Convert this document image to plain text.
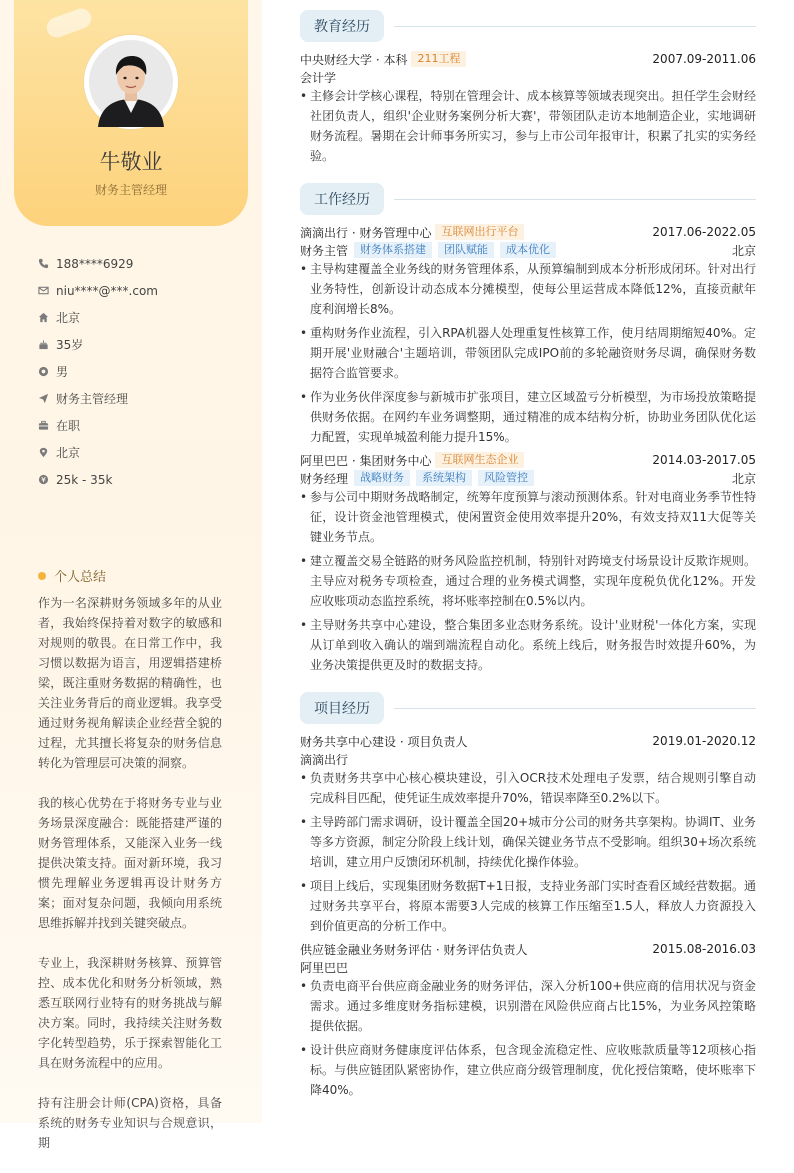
牛敬业
财务主管经理
188****6929
niu****@***.com
北京
35岁
男
财务主管经理
在职
北京
25k - 35k
个人总结

作为一名深耕财务领域多年的从业者，我始终保持着对数字的敏感和对规则的敬畏。在日常工作中，我习惯以数据为语言，用逻辑搭建桥梁，既注重财务数据的精确性，也关注业务背后的商业逻辑。我享受通过财务视角解读企业经营全貌的过程，尤其擅长将复杂的财务信息转化为管理层可决策的洞察。

我的核心优势在于将财务专业与业务场景深度融合：既能搭建严谨的财务管理体系，又能深入业务一线提供决策支持。面对新环境，我习惯先理解业务逻辑再设计财务方案；面对复杂问题，我倾向用系统思维拆解并找到关键突破点。

专业上，我深耕财务核算、预算管控、成本优化和财务分析领域，熟悉互联网行业特有的财务挑战与解决方案。同时，我持续关注财务数字化转型趋势，乐于探索智能化工具在财务流程中的应用。

持有注册会计师(CPA)资格，具备系统的财务专业知识与合规意识，期

教育经历
中央财经大学 · 本科 211工程	2007.09-2011.06
会计学
• 主修会计学核心课程，特别在管理会计、成本核算等领域表现突出。担任学生会财经社团负责人，组织'企业财务案例分析大赛'，带领团队走访本地制造企业，实地调研财务流程。暑期在会计师事务所实习，参与上市公司年报审计，积累了扎实的实务经验。
工作经历
滴滴出行 · 财务管理中心 互联网出行平台	2017.06-2022.05
财务主管	财务体系搭建	团队赋能	成本优化	北京
• 主导构建覆盖全业务线的财务管理体系，从预算编制到成本分析形成闭环。针对出行业务特性，创新设计动态成本分摊模型，使每公里运营成本降低12%，直接贡献年度利润增长8%。
• 重构财务作业流程，引入RPA机器人处理重复性核算工作，使月结周期缩短40%。定期开展'业财融合'主题培训，带领团队完成IPO前的多轮融资财务尽调，确保财务数据符合监管要求。
• 作为业务伙伴深度参与新城市扩张项目，建立区域盈亏分析模型，为市场投放策略提供财务依据。在网约车业务调整期，通过精准的成本结构分析，协助业务团队优化运力配置，实现单城盈利能力提升15%。
阿里巴巴 · 集团财务中心 互联网生态企业	2014.03-2017.05
财务经理	战略财务	系统架构	风险管控	北京
• 参与公司中期财务战略制定，统筹年度预算与滚动预测体系。针对电商业务季节性特征，设计资金池管理模式，使闲置资金使用效率提升20%，有效支持双11大促等关键业务节点。
• 建立覆盖交易全链路的财务风险监控机制，特别针对跨境支付场景设计反欺诈规则。主导应对税务专项检查，通过合理的业务模式调整，实现年度税负优化12%。开发应收账项动态监控系统，将坏账率控制在0.5%以内。
• 主导财务共享中心建设，整合集团多业态财务系统。设计'业财税'一体化方案，实现从订单到收入确认的端到端流程自动化。系统上线后，财务报告时效提升60%，为业务决策提供更及时的数据支持。
项目经历
财务共享中心建设 · 项目负责人	2019.01-2020.12
滴滴出行
• 负责财务共享中心核心模块建设，引入OCR技术处理电子发票，结合规则引擎自动完成科目匹配，使凭证生成效率提升70%，错误率降至0.2%以下。
• 主导跨部门需求调研，设计覆盖全国20+城市分公司的财务共享架构。协调IT、业务等多方资源，制定分阶段上线计划，确保关键业务节点不受影响。组织30+场次系统培训，建立用户反馈闭环机制，持续优化操作体验。
• 项目上线后，实现集团财务数据T+1日报，支持业务部门实时查看区域经营数据。通过财务共享平台，将原本需要3人完成的核算工作压缩至1.5人，释放人力资源投入到价值更高的分析工作中。
供应链金融业务财务评估 · 财务评估负责人	2015.08-2016.03
阿里巴巴
• 负责电商平台供应商金融业务的财务评估，深入分析100+供应商的信用状况与资金需求。通过多维度财务指标建模，识别潜在风险供应商占比15%，为业务风控策略提供依据。
• 设计供应商财务健康度评估体系，包含现金流稳定性、应收账款质量等12项核心指标。与供应链团队紧密协作，建立供应商分级管理制度，优化授信策略，使坏账率下降40%。
